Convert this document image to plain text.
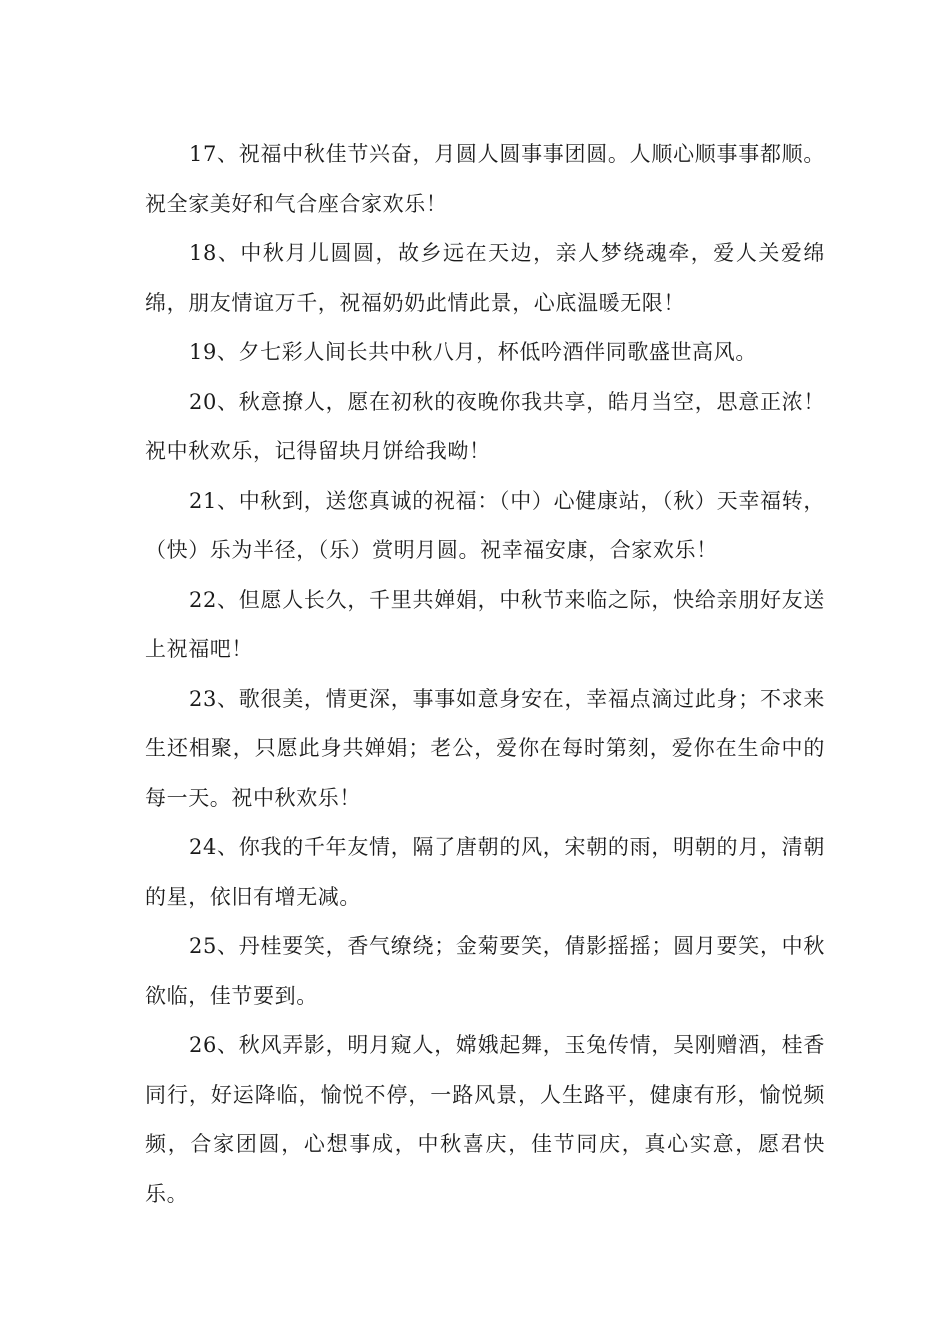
17、祝福中秋佳节兴奋，月圆人圆事事团圆。人顺心顺事事都顺。祝全家美好和气合座合家欢乐！

18、中秋月儿圆圆，故乡远在天边，亲人梦绕魂牵，爱人关爱绵绵，朋友情谊万千，祝福奶奶此情此景，心底温暖无限！

19、夕七彩人间长共中秋八月，杯低吟酒伴同歌盛世高风。

20、秋意撩人，愿在初秋的夜晚你我共享，皓月当空，思意正浓！祝中秋欢乐，记得留块月饼给我呦！

21、中秋到，送您真诚的祝福：（中）心健康站，（秋）天幸福转，（快）乐为半径，（乐）赏明月圆。祝幸福安康，合家欢乐！

22、但愿人长久，千里共婵娟，中秋节来临之际，快给亲朋好友送上祝福吧！

23、歌很美，情更深，事事如意身安在，幸福点滴过此身；不求来生还相聚，只愿此身共婵娟；老公，爱你在每时第刻，爱你在生命中的每一天。祝中秋欢乐！

24、你我的千年友情，隔了唐朝的风，宋朝的雨，明朝的月，清朝的星，依旧有增无减。

25、丹桂要笑，香气缭绕；金菊要笑，倩影摇摇；圆月要笑，中秋欲临，佳节要到。

26、秋风弄影，明月窥人，嫦娥起舞，玉兔传情，吴刚赠酒，桂香同行，好运降临，愉悦不停，一路风景，人生路平，健康有形，愉悦频频，合家团圆，心想事成，中秋喜庆，佳节同庆，真心实意，愿君快乐。
